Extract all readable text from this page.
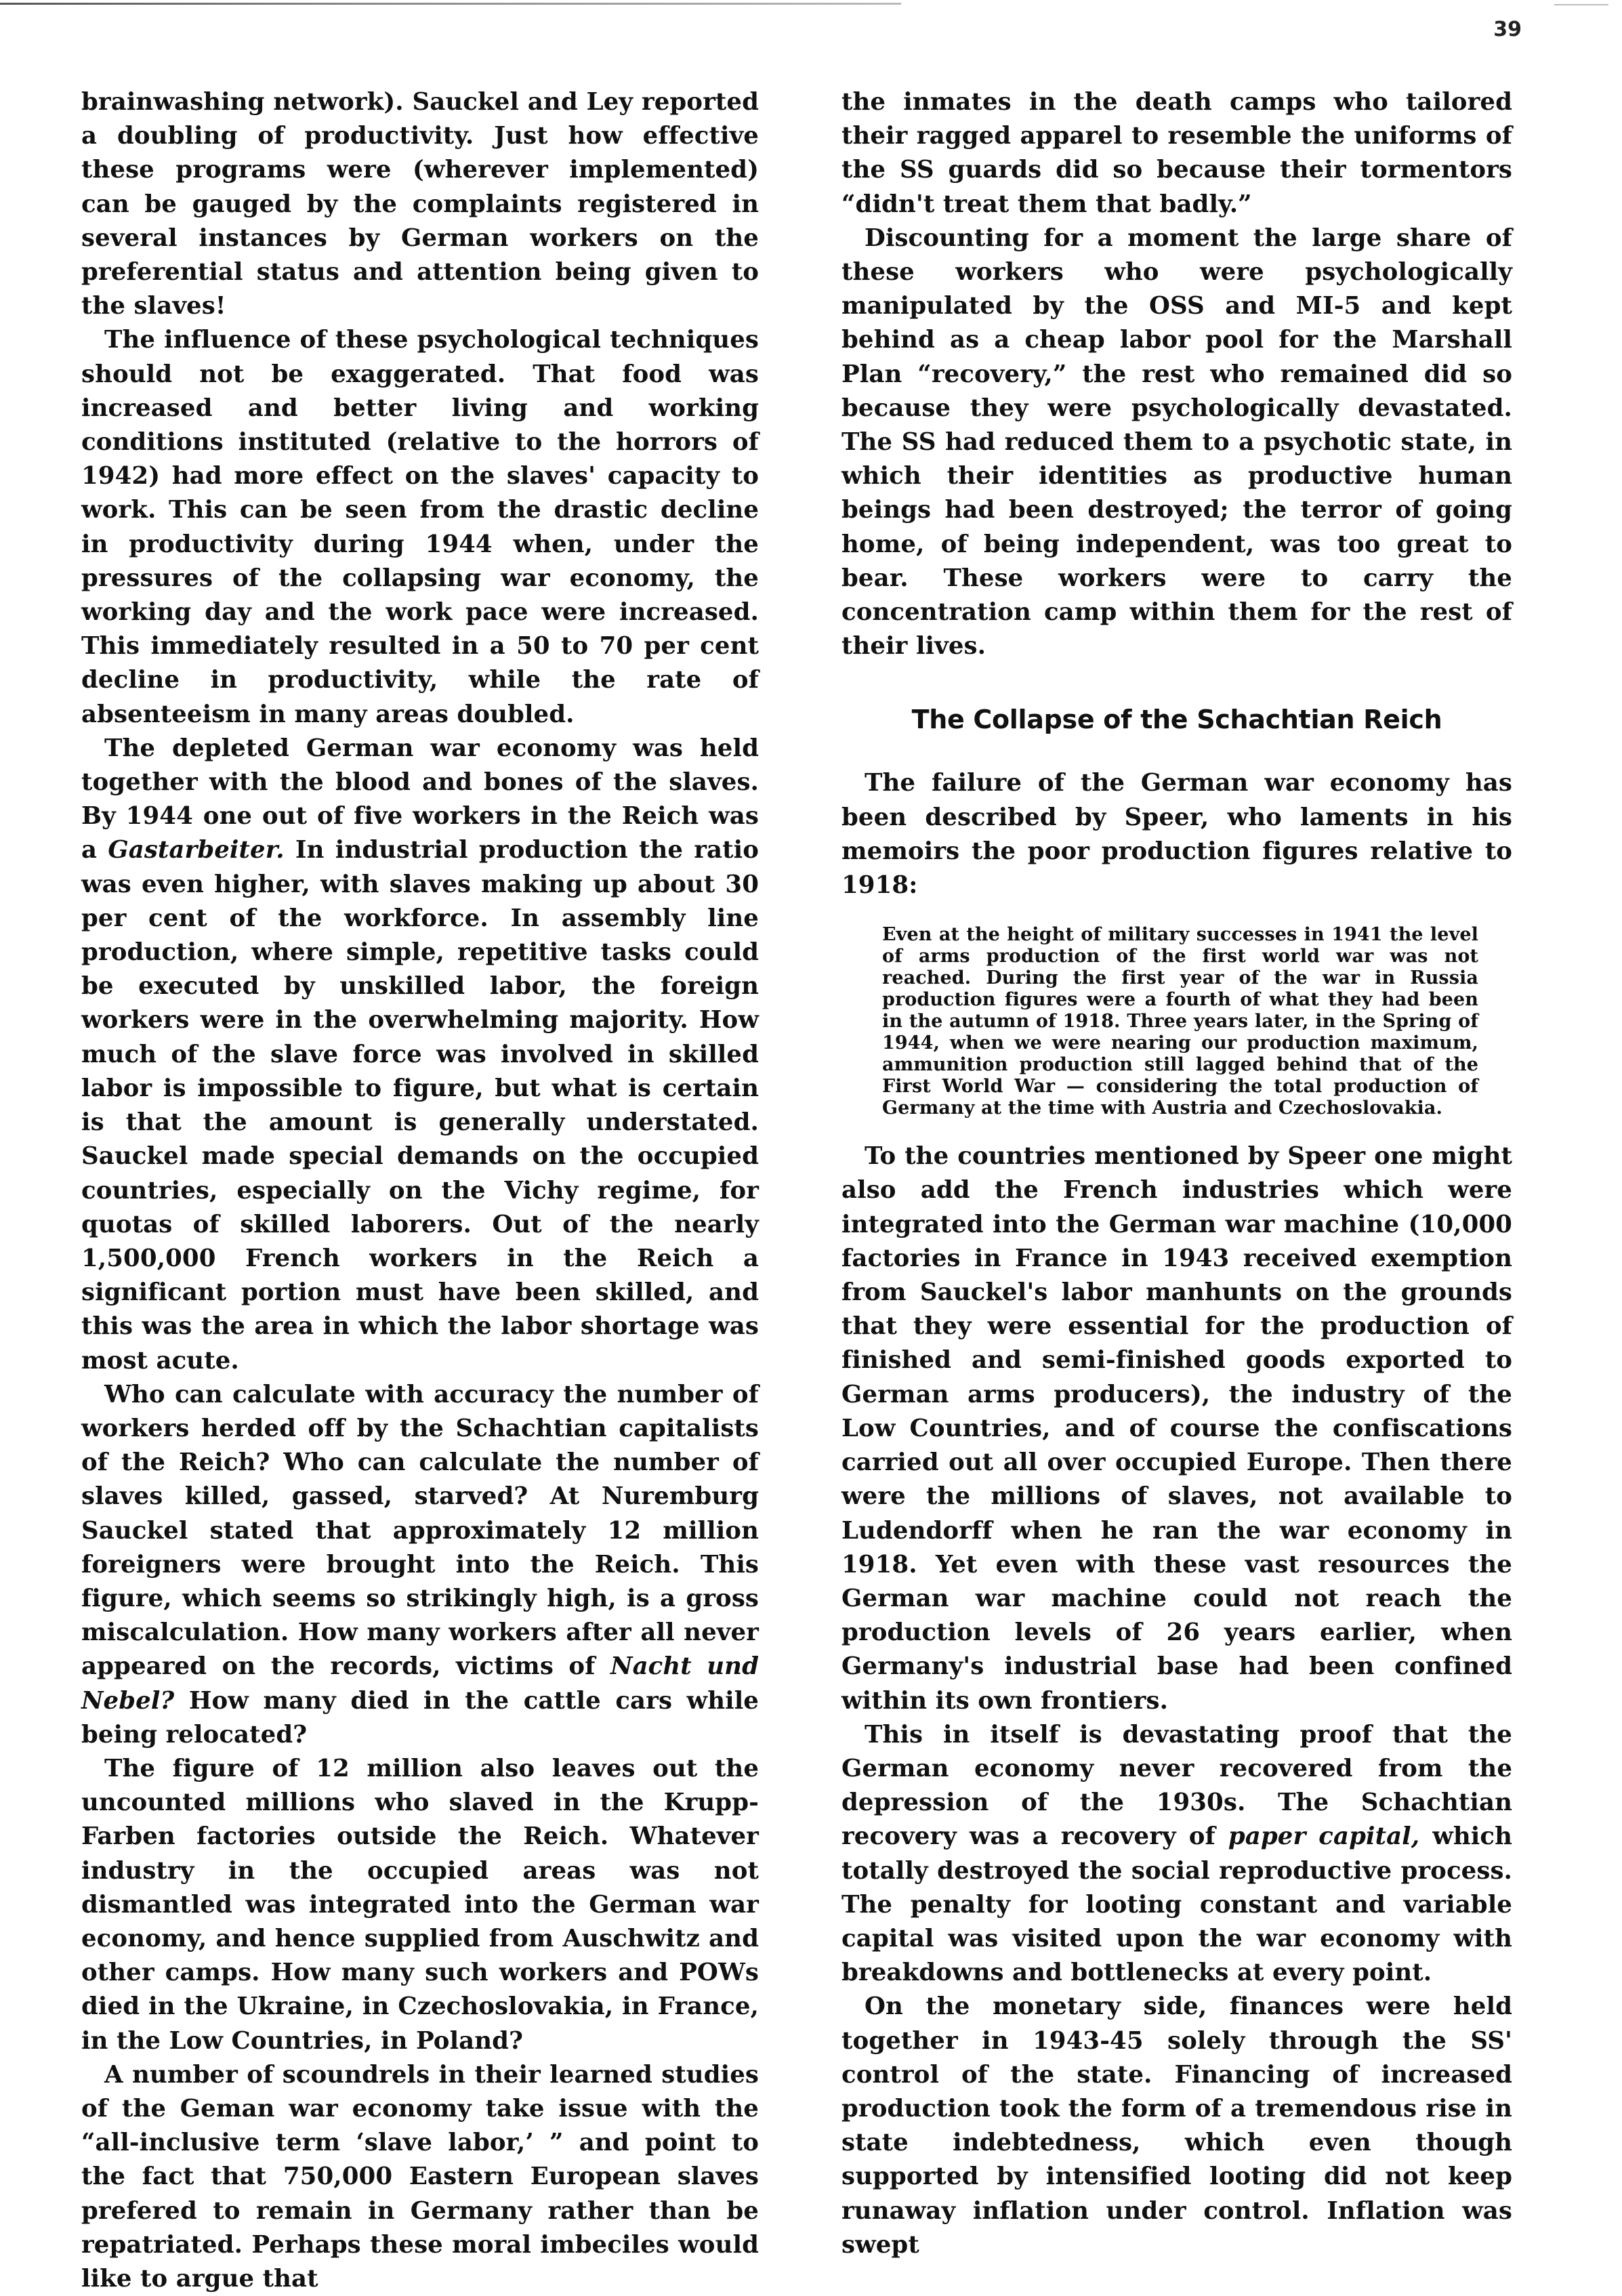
39

brainwashing network). Sauckel and Ley reported a doubling of productivity. Just how effective these programs were (wherever implemented) can be gauged by the complaints registered in several instances by German workers on the preferential status and attention being given to the slaves!

The influence of these psychological techniques should not be exaggerated. That food was increased and better living and working conditions instituted (relative to the horrors of 1942) had more effect on the slaves' capacity to work. This can be seen from the drastic decline in productivity during 1944 when, under the pressures of the collapsing war economy, the working day and the work pace were increased. This immediately resulted in a 50 to 70 per cent decline in productivity, while the rate of absenteeism in many areas doubled.

The depleted German war economy was held together with the blood and bones of the slaves. By 1944 one out of five workers in the Reich was a Gastarbeiter. In industrial production the ratio was even higher, with slaves making up about 30 per cent of the workforce. In assembly line production, where simple, repetitive tasks could be executed by unskilled labor, the foreign workers were in the overwhelming majority. How much of the slave force was involved in skilled labor is impossible to figure, but what is certain is that the amount is generally understated. Sauckel made special demands on the occupied countries, especially on the Vichy regime, for quotas of skilled laborers. Out of the nearly 1,500,000 French workers in the Reich a significant portion must have been skilled, and this was the area in which the labor shortage was most acute.

Who can calculate with accuracy the number of workers herded off by the Schachtian capitalists of the Reich? Who can calculate the number of slaves killed, gassed, starved? At Nuremburg Sauckel stated that approximately 12 million foreigners were brought into the Reich. This figure, which seems so strikingly high, is a gross miscalculation. How many workers after all never appeared on the records, victims of Nacht und Nebel? How many died in the cattle cars while being relocated?

The figure of 12 million also leaves out the uncounted millions who slaved in the Krupp-Farben factories outside the Reich. Whatever industry in the occupied areas was not dismantled was integrated into the German war economy, and hence supplied from Auschwitz and other camps. How many such workers and POWs died in the Ukraine, in Czechoslovakia, in France, in the Low Countries, in Poland?

A number of scoundrels in their learned studies of the Geman war economy take issue with the “all-inclusive term ‘slave labor,’ ” and point to the fact that 750,000 Eastern European slaves prefered to remain in Germany rather than be repatriated. Perhaps these moral imbeciles would like to argue that

the inmates in the death camps who tailored their ragged apparel to resemble the uniforms of the SS guards did so because their tormentors “didn't treat them that badly.”

Discounting for a moment the large share of these workers who were psychologically manipulated by the OSS and MI-5 and kept behind as a cheap labor pool for the Marshall Plan “recovery,” the rest who remained did so because they were psychologically devastated. The SS had reduced them to a psychotic state, in which their identities as productive human beings had been destroyed; the terror of going home, of being independent, was too great to bear. These workers were to carry the concentration camp within them for the rest of their lives.

The Collapse of the Schachtian Reich

The failure of the German war economy has been described by Speer, who laments in his memoirs the poor production figures relative to 1918:

Even at the height of military successes in 1941 the level of arms production of the first world war was not reached. During the first year of the war in Russia production figures were a fourth of what they had been in the autumn of 1918. Three years later, in the Spring of 1944, when we were nearing our production maximum, ammunition production still lagged behind that of the First World War — considering the total production of Germany at the time with Austria and Czechoslovakia.

To the countries mentioned by Speer one might also add the French industries which were integrated into the German war machine (10,000 factories in France in 1943 received exemption from Sauckel's labor manhunts on the grounds that they were essential for the production of finished and semi-finished goods exported to German arms producers), the industry of the Low Countries, and of course the confiscations carried out all over occupied Europe. Then there were the millions of slaves, not available to Ludendorff when he ran the war economy in 1918. Yet even with these vast resources the German war machine could not reach the production levels of 26 years earlier, when Germany's industrial base had been confined within its own frontiers.

This in itself is devastating proof that the German economy never recovered from the depression of the 1930s. The Schachtian recovery was a recovery of paper capital, which totally destroyed the social reproductive process. The penalty for looting constant and variable capital was visited upon the war economy with breakdowns and bottlenecks at every point.

On the monetary side, finances were held together in 1943-45 solely through the SS' control of the state. Financing of increased production took the form of a tremendous rise in state indebtedness, which even though supported by intensified looting did not keep runaway inflation under control. Inflation was swept
